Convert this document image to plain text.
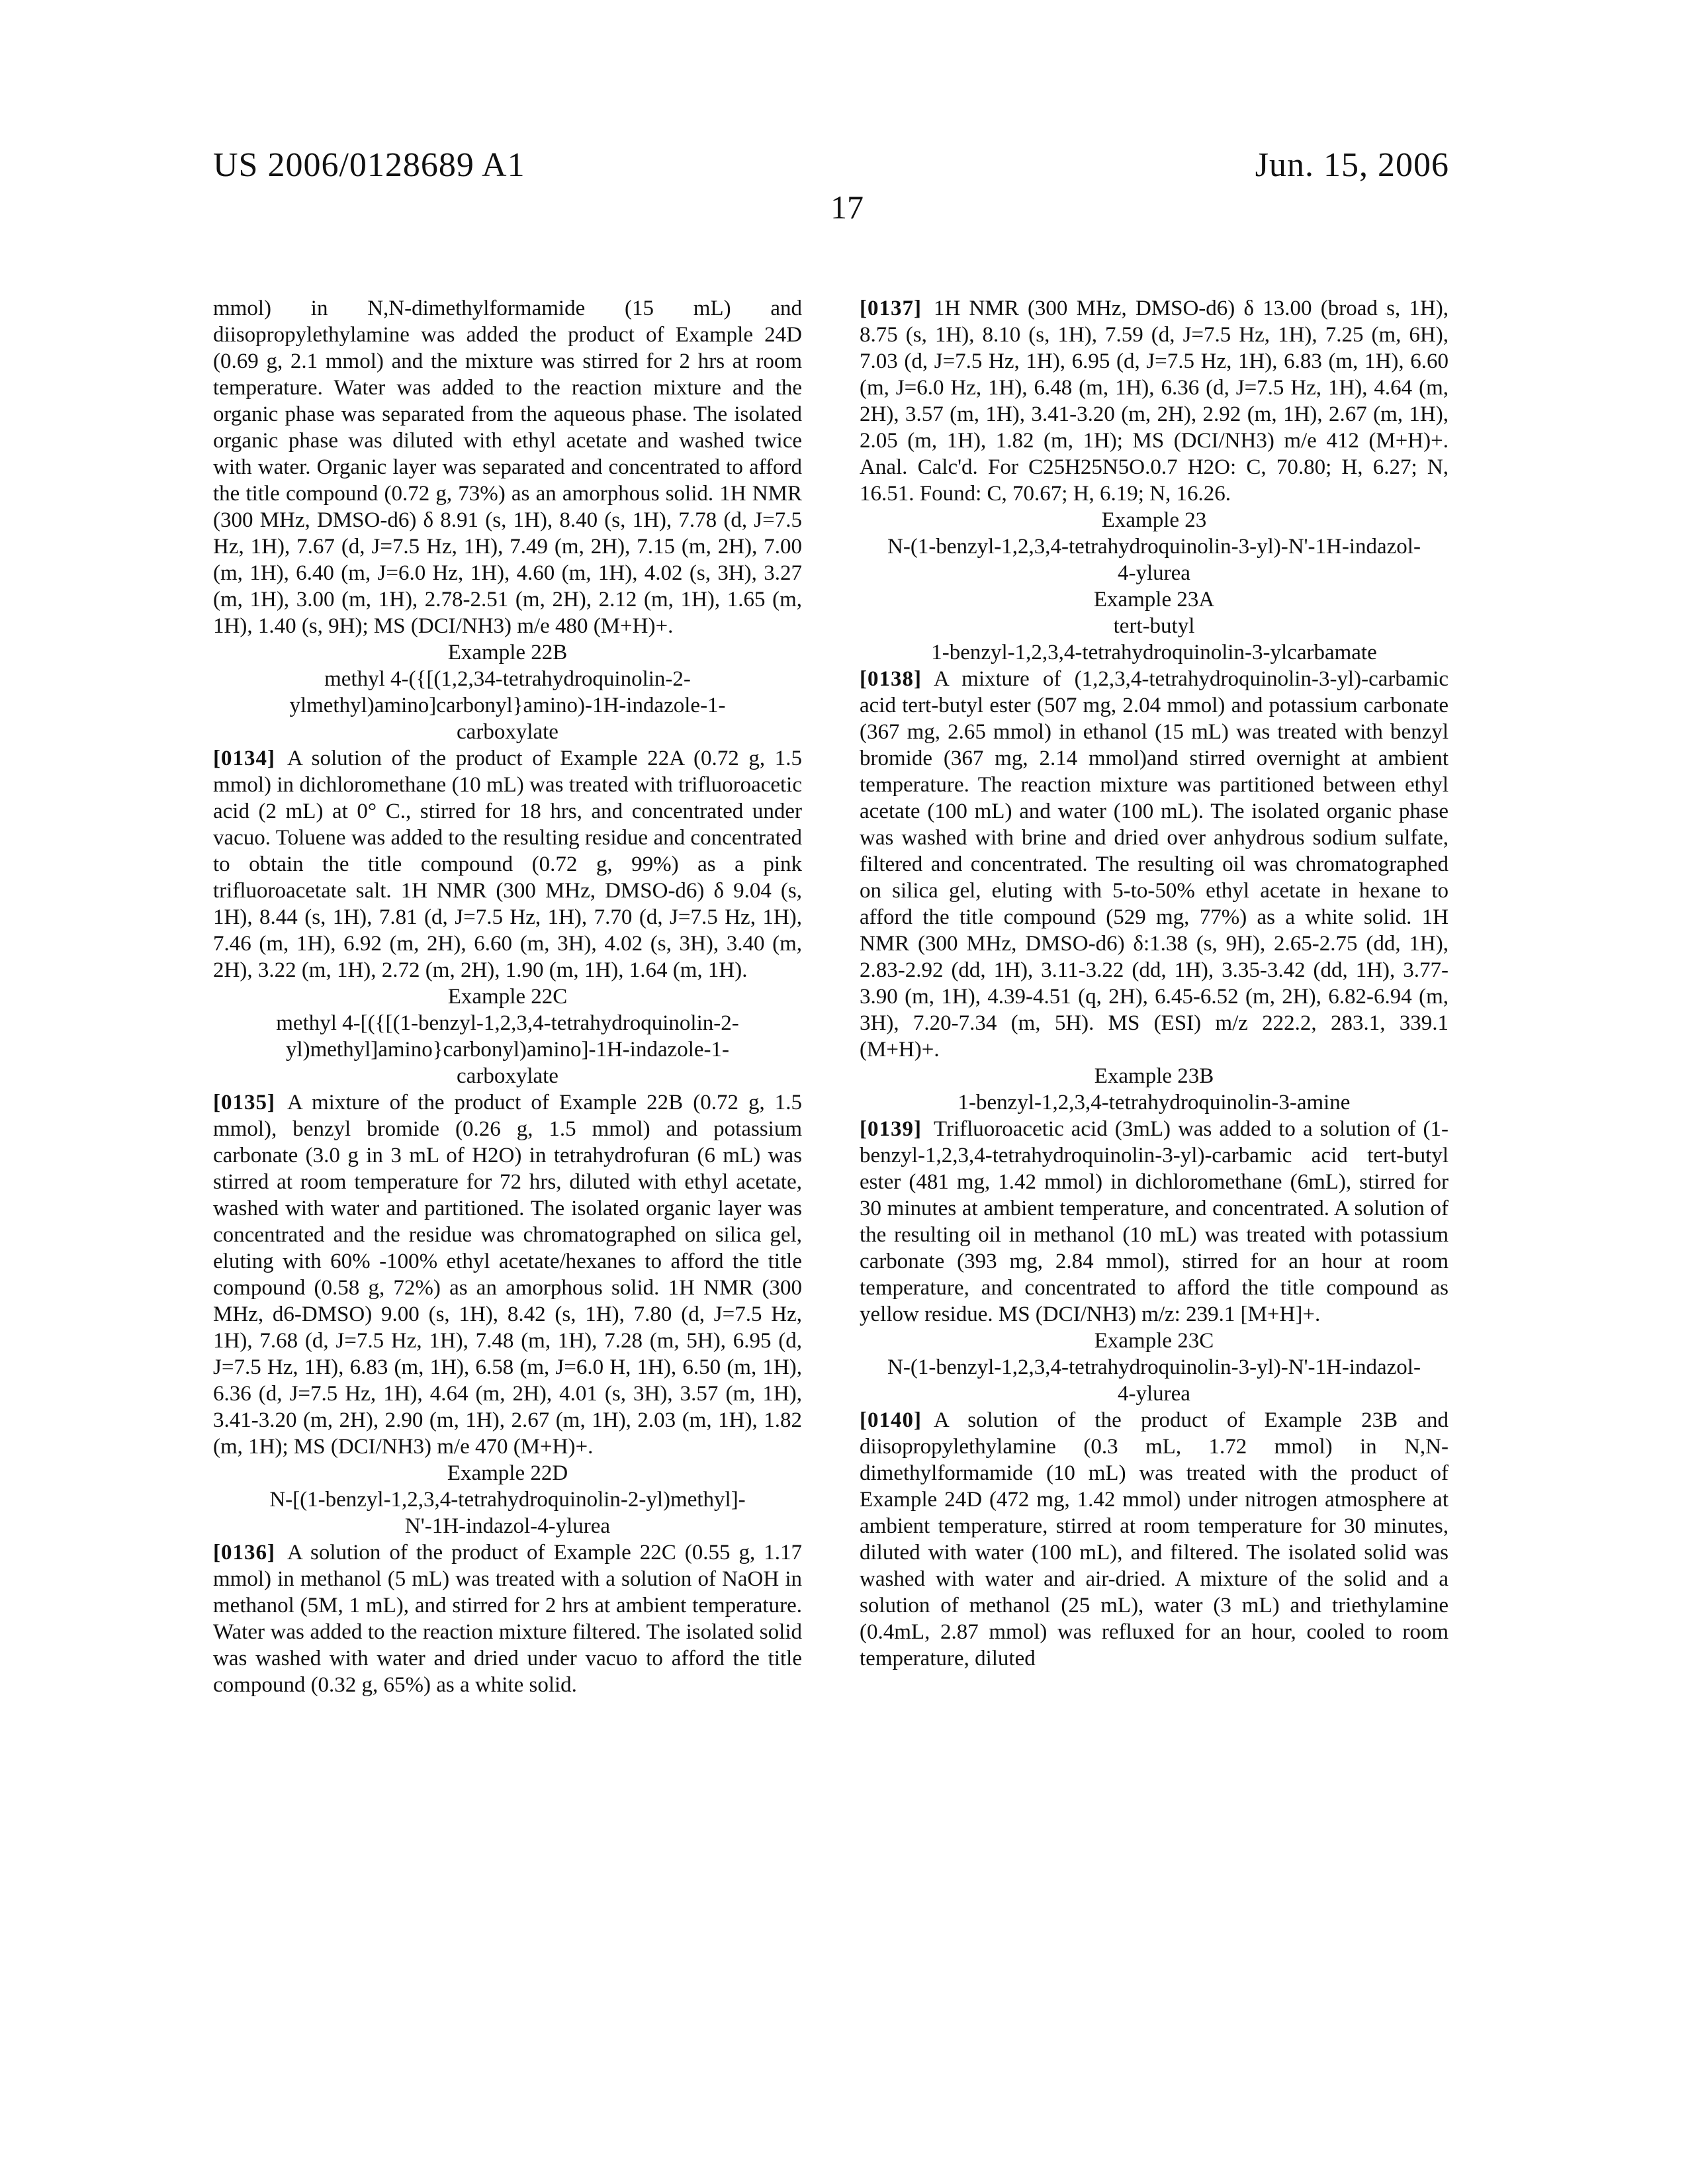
US 2006/0128689 A1	Jun. 15, 2006
17

mmol) in N,N-dimethylformamide (15 mL) and diisopropylethylamine was added the product of Example 24D (0.69 g, 2.1 mmol) and the mixture was stirred for 2 hrs at room temperature. Water was added to the reaction mixture and the organic phase was separated from the aqueous phase. The isolated organic phase was diluted with ethyl acetate and washed twice with water. Organic layer was separated and concentrated to afford the title compound (0.72 g, 73%) as an amorphous solid. 1H NMR (300 MHz, DMSO-d6) δ 8.91 (s, 1H), 8.40 (s, 1H), 7.78 (d, J=7.5 Hz, 1H), 7.67 (d, J=7.5 Hz, 1H), 7.49 (m, 2H), 7.15 (m, 2H), 7.00 (m, 1H), 6.40 (m, J=6.0 Hz, 1H), 4.60 (m, 1H), 4.02 (s, 3H), 3.27 (m, 1H), 3.00 (m, 1H), 2.78-2.51 (m, 2H), 2.12 (m, 1H), 1.65 (m, 1H), 1.40 (s, 9H); MS (DCI/NH3) m/e 480 (M+H)+.

Example 22B

methyl 4-({[(1,2,34-tetrahydroquinolin-2-ylmethyl)amino]carbonyl}amino)-1H-indazole-1-carboxylate

[0134] A solution of the product of Example 22A (0.72 g, 1.5 mmol) in dichloromethane (10 mL) was treated with trifluoroacetic acid (2 mL) at 0° C., stirred for 18 hrs, and concentrated under vacuo. Toluene was added to the resulting residue and concentrated to obtain the title compound (0.72 g, 99%) as a pink trifluoroacetate salt. 1H NMR (300 MHz, DMSO-d6) δ 9.04 (s, 1H), 8.44 (s, 1H), 7.81 (d, J=7.5 Hz, 1H), 7.70 (d, J=7.5 Hz, 1H), 7.46 (m, 1H), 6.92 (m, 2H), 6.60 (m, 3H), 4.02 (s, 3H), 3.40 (m, 2H), 3.22 (m, 1H), 2.72 (m, 2H), 1.90 (m, 1H), 1.64 (m, 1H).

Example 22C

methyl 4-[({[(1-benzyl-1,2,3,4-tetrahydroquinolin-2-yl)methyl]amino}carbonyl)amino]-1H-indazole-1-carboxylate

[0135] A mixture of the product of Example 22B (0.72 g, 1.5 mmol), benzyl bromide (0.26 g, 1.5 mmol) and potassium carbonate (3.0 g in 3 mL of H2O) in tetrahydrofuran (6 mL) was stirred at room temperature for 72 hrs, diluted with ethyl acetate, washed with water and partitioned. The isolated organic layer was concentrated and the residue was chromatographed on silica gel, eluting with 60% -100% ethyl acetate/hexanes to afford the title compound (0.58 g, 72%) as an amorphous solid. 1H NMR (300 MHz, d6-DMSO) 9.00 (s, 1H), 8.42 (s, 1H), 7.80 (d, J=7.5 Hz, 1H), 7.68 (d, J=7.5 Hz, 1H), 7.48 (m, 1H), 7.28 (m, 5H), 6.95 (d, J=7.5 Hz, 1H), 6.83 (m, 1H), 6.58 (m, J=6.0 H, 1H), 6.50 (m, 1H), 6.36 (d, J=7.5 Hz, 1H), 4.64 (m, 2H), 4.01 (s, 3H), 3.57 (m, 1H), 3.41-3.20 (m, 2H), 2.90 (m, 1H), 2.67 (m, 1H), 2.03 (m, 1H), 1.82 (m, 1H); MS (DCI/NH3) m/e 470 (M+H)+.

Example 22D

N-[(1-benzyl-1,2,3,4-tetrahydroquinolin-2-yl)methyl]-N'-1H-indazol-4-ylurea

[0136] A solution of the product of Example 22C (0.55 g, 1.17 mmol) in methanol (5 mL) was treated with a solution of NaOH in methanol (5M, 1 mL), and stirred for 2 hrs at ambient temperature. Water was added to the reaction mixture filtered. The isolated solid was washed with water and dried under vacuo to afford the title compound (0.32 g, 65%) as a white solid.

[0137] 1H NMR (300 MHz, DMSO-d6) δ 13.00 (broad s, 1H), 8.75 (s, 1H), 8.10 (s, 1H), 7.59 (d, J=7.5 Hz, 1H), 7.25 (m, 6H), 7.03 (d, J=7.5 Hz, 1H), 6.95 (d, J=7.5 Hz, 1H), 6.83 (m, 1H), 6.60 (m, J=6.0 Hz, 1H), 6.48 (m, 1H), 6.36 (d, J=7.5 Hz, 1H), 4.64 (m, 2H), 3.57 (m, 1H), 3.41-3.20 (m, 2H), 2.92 (m, 1H), 2.67 (m, 1H), 2.05 (m, 1H), 1.82 (m, 1H); MS (DCI/NH3) m/e 412 (M+H)+. Anal. Calc'd. For C25H25N5O.0.7 H2O: C, 70.80; H, 6.27; N, 16.51. Found: C, 70.67; H, 6.19; N, 16.26.

Example 23

N-(1-benzyl-1,2,3,4-tetrahydroquinolin-3-yl)-N'-1H-indazol-4-ylurea

Example 23A

tert-butyl
1-benzyl-1,2,3,4-tetrahydroquinolin-3-ylcarbamate

[0138] A mixture of (1,2,3,4-tetrahydroquinolin-3-yl)-carbamic acid tert-butyl ester (507 mg, 2.04 mmol) and potassium carbonate (367 mg, 2.65 mmol) in ethanol (15 mL) was treated with benzyl bromide (367 mg, 2.14 mmol)and stirred overnight at ambient temperature. The reaction mixture was partitioned between ethyl acetate (100 mL) and water (100 mL). The isolated organic phase was washed with brine and dried over anhydrous sodium sulfate, filtered and concentrated. The resulting oil was chromatographed on silica gel, eluting with 5-to-50% ethyl acetate in hexane to afford the title compound (529 mg, 77%) as a white solid. 1H NMR (300 MHz, DMSO-d6) δ:1.38 (s, 9H), 2.65-2.75 (dd, 1H), 2.83-2.92 (dd, 1H), 3.11-3.22 (dd, 1H), 3.35-3.42 (dd, 1H), 3.77-3.90 (m, 1H), 4.39-4.51 (q, 2H), 6.45-6.52 (m, 2H), 6.82-6.94 (m, 3H), 7.20-7.34 (m, 5H). MS (ESI) m/z 222.2, 283.1, 339.1 (M+H)+.

Example 23B

1-benzyl-1,2,3,4-tetrahydroquinolin-3-amine

[0139] Trifluoroacetic acid (3mL) was added to a solution of (1-benzyl-1,2,3,4-tetrahydroquinolin-3-yl)-carbamic acid tert-butyl ester (481 mg, 1.42 mmol) in dichloromethane (6mL), stirred for 30 minutes at ambient temperature, and concentrated. A solution of the resulting oil in methanol (10 mL) was treated with potassium carbonate (393 mg, 2.84 mmol), stirred for an hour at room temperature, and concentrated to afford the title compound as yellow residue. MS (DCI/NH3) m/z: 239.1 [M+H]+.

Example 23C

N-(1-benzyl-1,2,3,4-tetrahydroquinolin-3-yl)-N'-1H-indazol-4-ylurea

[0140] A solution of the product of Example 23B and diisopropylethylamine (0.3 mL, 1.72 mmol) in N,N-dimethylformamide (10 mL) was treated with the product of Example 24D (472 mg, 1.42 mmol) under nitrogen atmosphere at ambient temperature, stirred at room temperature for 30 minutes, diluted with water (100 mL), and filtered. The isolated solid was washed with water and air-dried. A mixture of the solid and a solution of methanol (25 mL), water (3 mL) and triethylamine (0.4mL, 2.87 mmol) was refluxed for an hour, cooled to room temperature, diluted
